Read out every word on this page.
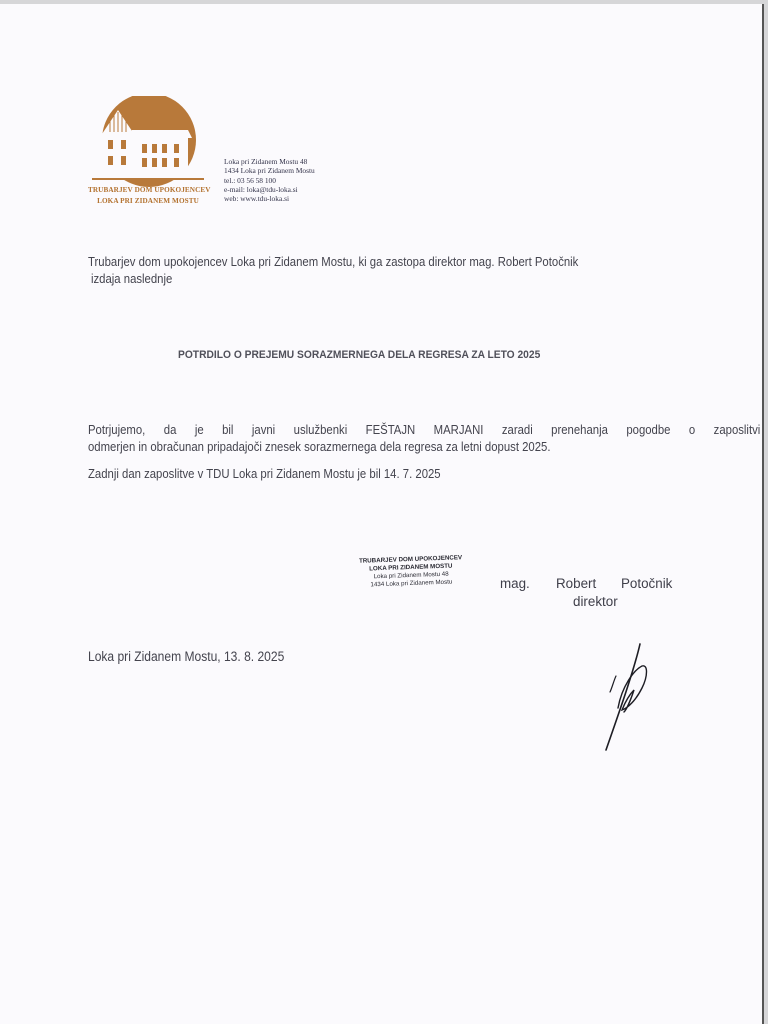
TRUBARJEV DOM UPOKOJENCEV
LOKA PRI ZIDANEM MOSTU
Loka pri Zidanem Mostu 48
1434 Loka pri Zidanem Mostu
tel.: 03 56 58 100
e-mail: loka@tdu-loka.si
web: www.tdu-loka.si
Trubarjev dom upokojencev Loka pri Zidanem Mostu, ki ga zastopa direktor mag. Robert Potočnik
izdaja naslednje
POTRDILO O PREJEMU SORAZMERNEGA DELA REGRESA ZA LETO 2025
Potrjujemo, da je bil javni uslužbenki FEŠTAJN MARJANI zaradi prenehanja pogodbe o zaposlitvi
odmerjen in obračunan pripadajoči znesek sorazmernega dela regresa za letni dopust 2025.
Zadnji dan zaposlitve v TDU Loka pri Zidanem Mostu je bil 14. 7. 2025
TRUBARJEV DOM UPOKOJENCEV
LOKA PRI ZIDANEM MOSTU
Loka pri Zidanem Mostu 48
1434 Loka pri Zidanem Mostu	mag. Robert Potočnik
direktor
Loka pri Zidanem Mostu, 13. 8. 2025
